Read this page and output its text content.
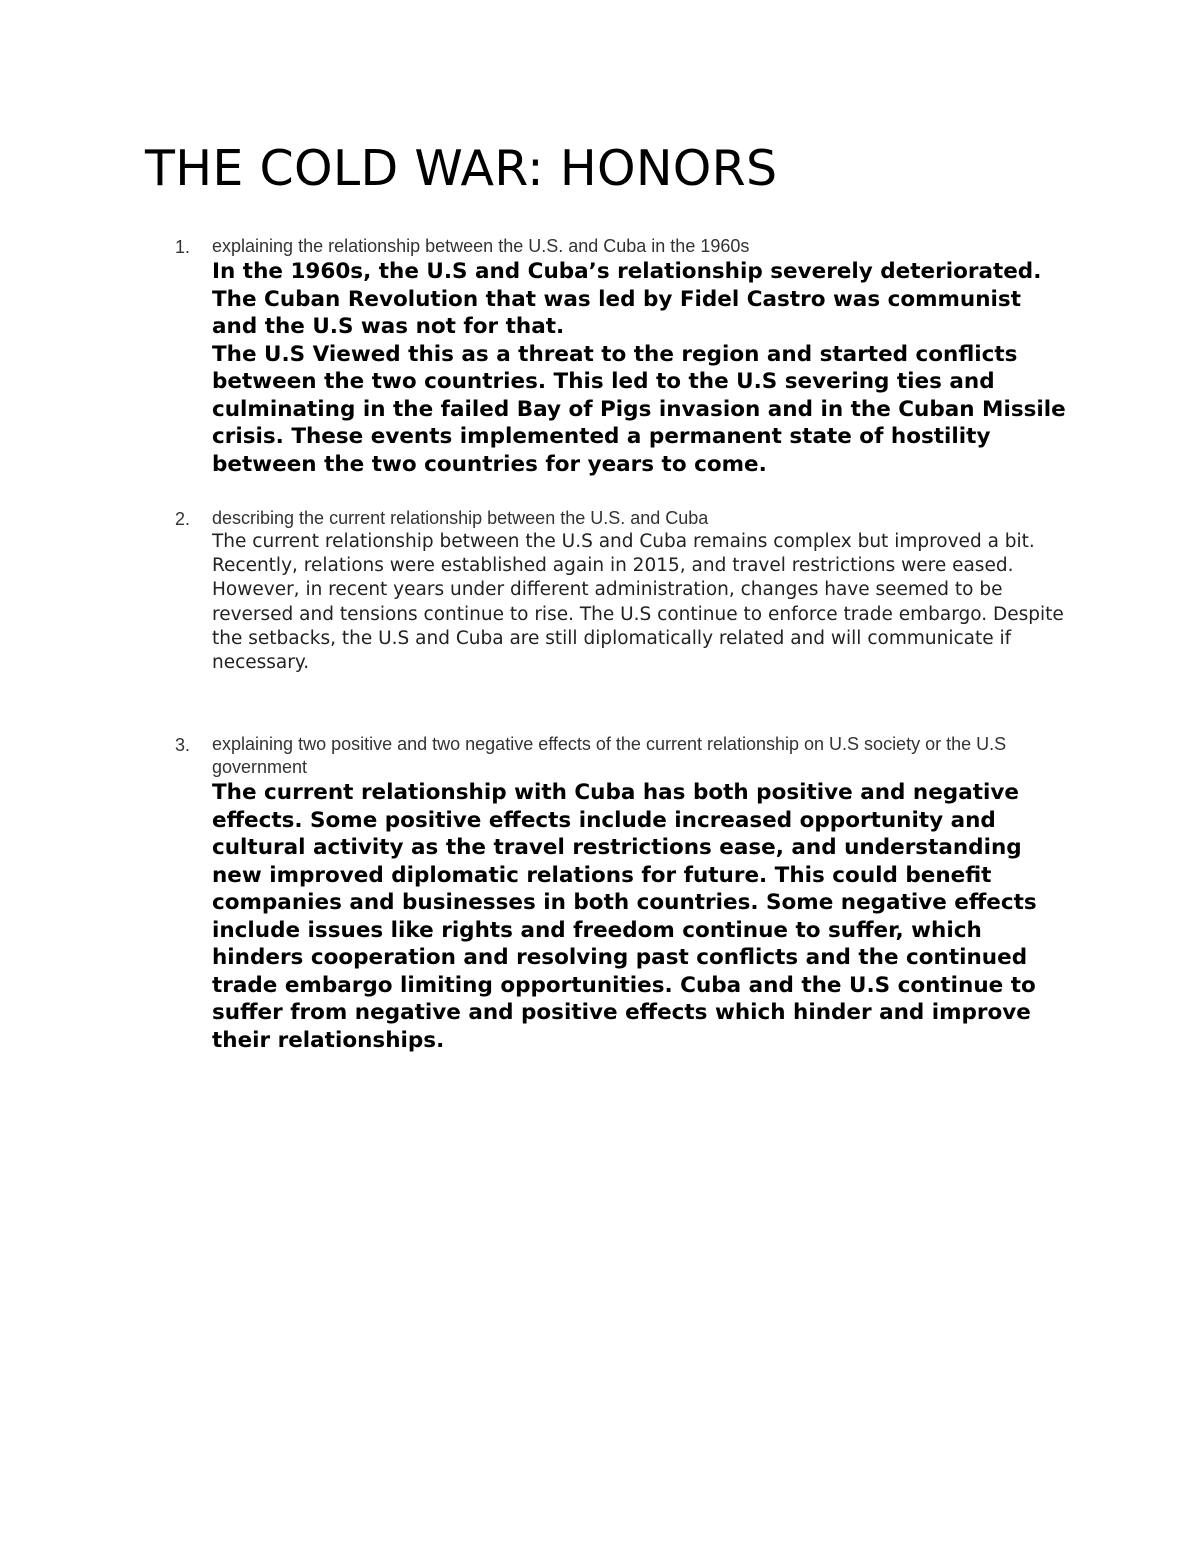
THE COLD WAR: HONORS
1. explaining the relationship between the U.S. and Cuba in the 1960s

In the 1960s, the U.S and Cuba’s relationship severely deteriorated. The Cuban Revolution that was led by Fidel Castro was communist and the U.S was not for that.

The U.S Viewed this as a threat to the region and started conflicts between the two countries. This led to the U.S severing ties and culminating in the failed Bay of Pigs invasion and in the Cuban Missile crisis. These events implemented a permanent state of hostility between the two countries for years to come.

2. describing the current relationship between the U.S. and Cuba

The current relationship between the U.S and Cuba remains complex but improved a bit. Recently, relations were established again in 2015, and travel restrictions were eased. However, in recent years under different administration, changes have seemed to be reversed and tensions continue to rise. The U.S continue to enforce trade embargo. Despite the setbacks, the U.S and Cuba are still diplomatically related and will communicate if necessary.

3. explaining two positive and two negative effects of the current relationship on U.S society or the U.S government

The current relationship with Cuba has both positive and negative effects. Some positive effects include increased opportunity and cultural activity as the travel restrictions ease, and understanding new improved diplomatic relations for future. This could benefit companies and businesses in both countries. Some negative effects include issues like rights and freedom continue to suffer, which hinders cooperation and resolving past conflicts and the continued trade embargo limiting opportunities. Cuba and the U.S continue to suffer from negative and positive effects which hinder and improve their relationships.
